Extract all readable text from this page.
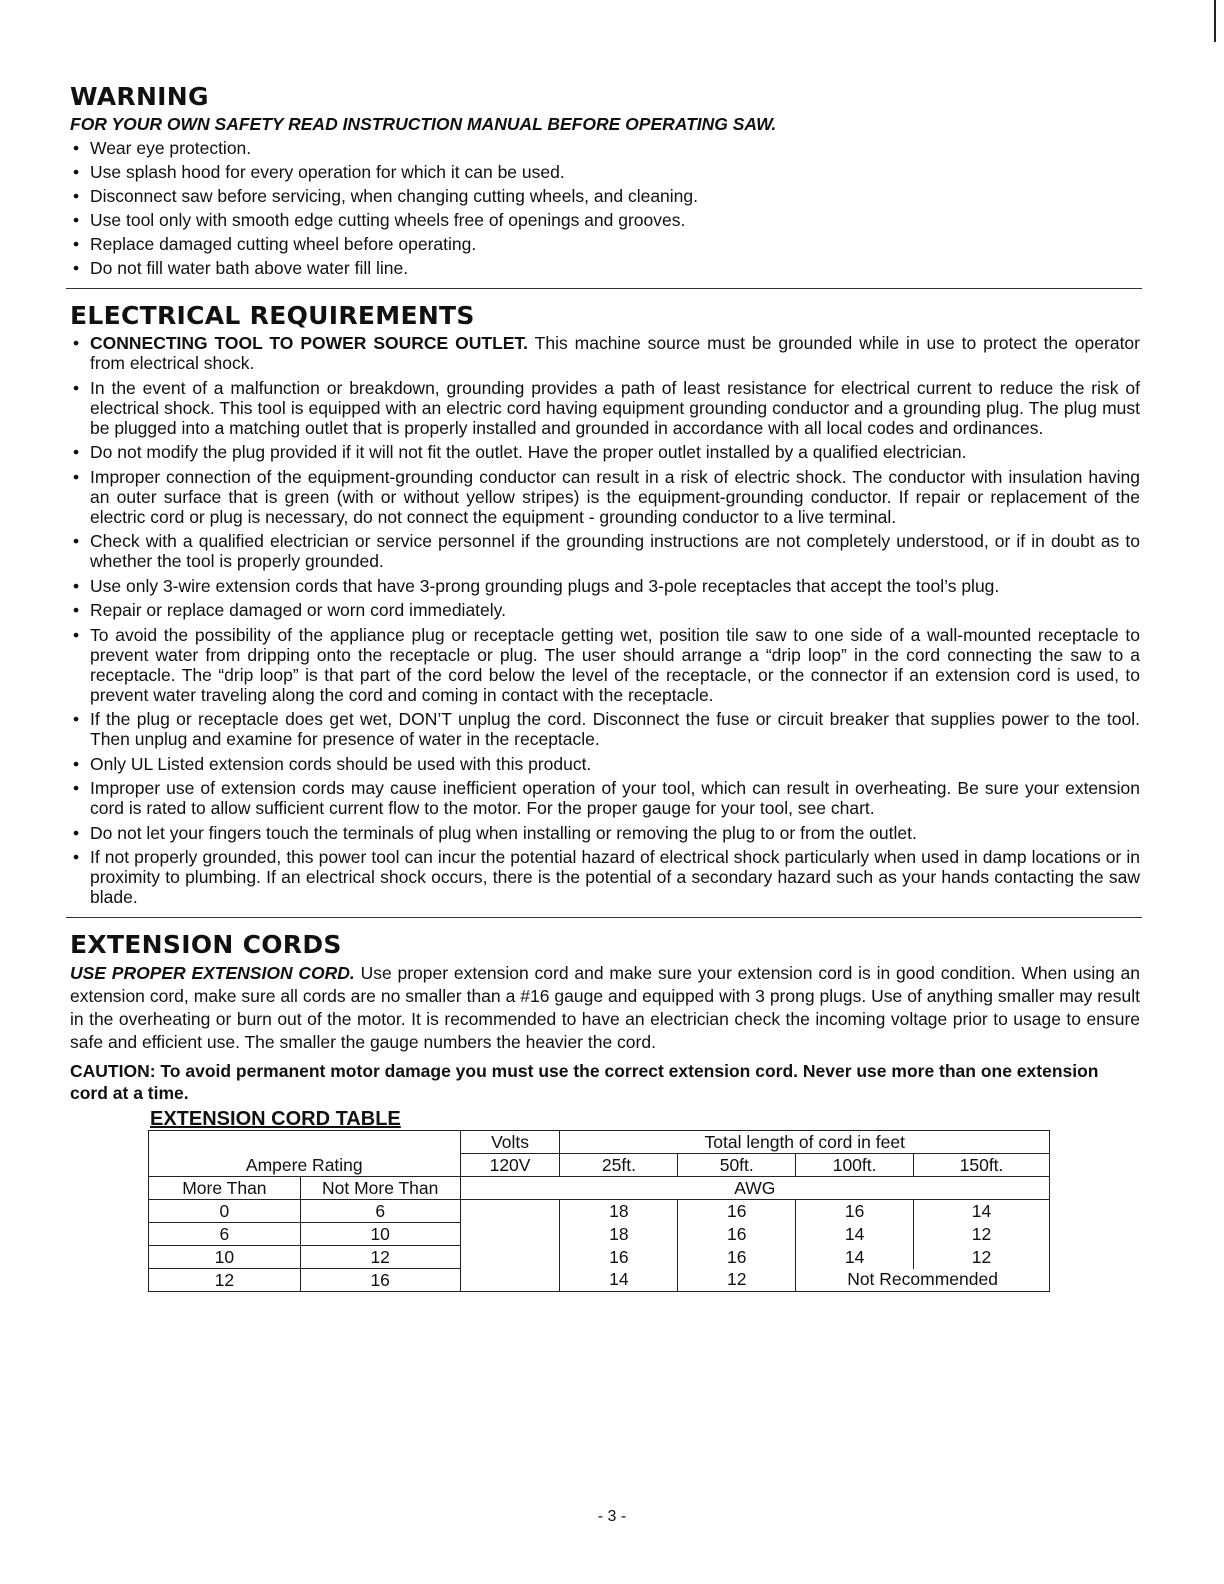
WARNING
FOR YOUR OWN SAFETY READ INSTRUCTION MANUAL BEFORE OPERATING SAW.
• Wear eye protection.
• Use splash hood for every operation for which it can be used.
• Disconnect saw before servicing, when changing cutting wheels, and cleaning.
• Use tool only with smooth edge cutting wheels free of openings and grooves.
• Replace damaged cutting wheel before operating.
• Do not fill water bath above water fill line.
ELECTRICAL REQUIREMENTS
• CONNECTING TOOL TO POWER SOURCE OUTLET. This machine source must be grounded while in use to protect the operator from electrical shock.
• In the event of a malfunction or breakdown, grounding provides a path of least resistance for electrical current to reduce the risk of electrical shock. This tool is equipped with an electric cord having equipment grounding conductor and a grounding plug. The plug must be plugged into a matching outlet that is properly installed and grounded in accordance with all local codes and ordinances.
• Do not modify the plug provided if it will not fit the outlet. Have the proper outlet installed by a qualified electrician.
• Improper connection of the equipment-grounding conductor can result in a risk of electric shock. The conductor with insulation having an outer surface that is green (with or without yellow stripes) is the equipment-grounding conductor. If repair or replacement of the electric cord or plug is necessary, do not connect the equipment - grounding conductor to a live terminal.
• Check with a qualified electrician or service personnel if the grounding instructions are not completely understood, or if in doubt as to whether the tool is properly grounded.
• Use only 3-wire extension cords that have 3-prong grounding plugs and 3-pole receptacles that accept the tool’s plug.
• Repair or replace damaged or worn cord immediately.
• To avoid the possibility of the appliance plug or receptacle getting wet, position tile saw to one side of a wall-mounted receptacle to prevent water from dripping onto the receptacle or plug. The user should arrange a “drip loop” in the cord connecting the saw to a receptacle. The “drip loop” is that part of the cord below the level of the receptacle, or the connector if an extension cord is used, to prevent water traveling along the cord and coming in contact with the receptacle.
• If the plug or receptacle does get wet, DON’T unplug the cord. Disconnect the fuse or circuit breaker that supplies power to the tool. Then unplug and examine for presence of water in the receptacle.
• Only UL Listed extension cords should be used with this product.
• Improper use of extension cords may cause inefficient operation of your tool, which can result in overheating. Be sure your extension cord is rated to allow sufficient current flow to the motor. For the proper gauge for your tool, see chart.
• Do not let your fingers touch the terminals of plug when installing or removing the plug to or from the outlet.
• If not properly grounded, this power tool can incur the potential hazard of electrical shock particularly when used in damp locations or in proximity to plumbing. If an electrical shock occurs, there is the potential of a secondary hazard such as your hands contacting the saw blade.
EXTENSION CORDS

USE PROPER EXTENSION CORD. Use proper extension cord and make sure your extension cord is in good condition. When using an extension cord, make sure all cords are no smaller than a #16 gauge and equipped with 3 prong plugs. Use of anything smaller may result in the overheating or burn out of the motor. It is recommended to have an electrician check the incoming voltage prior to usage to ensure safe and efficient use. The smaller the gauge numbers the heavier the cord.

CAUTION: To avoid permanent motor damage you must use the correct extension cord. Never use more than one extension cord at a time.

EXTENSION CORD TABLE
Ampere Rating		Volts	Total length of cord in feet			
		120V	25ft.	50ft.	100ft.	150ft.
More Than	Not More Than	AWG				
0	6		18	16	16	14
6	10		18	16	14	12
10	12		16	16	14	12
12	16		14	12	Not Recommended	
- 3 -
